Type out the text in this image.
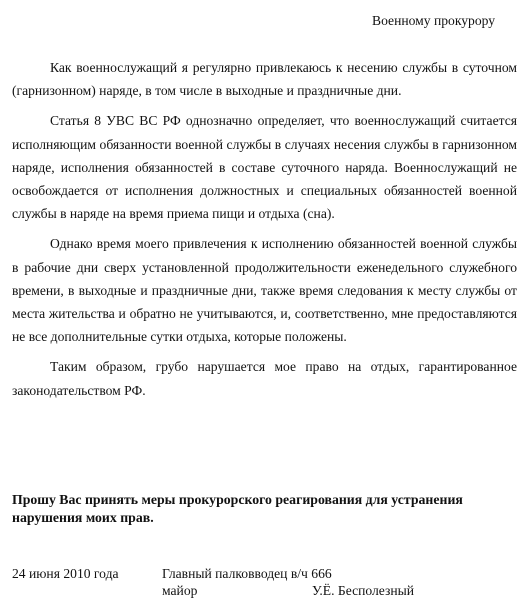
Военному прокурору

Как военнослужащий я регулярно привлекаюсь к несению службы в суточном (гарнизонном) наряде, в том числе в выходные и праздничные дни.

Статья 8 УВС ВС РФ однозначно определяет, что военнослужащий считается исполняющим обязанности военной службы в случаях несения службы в гарнизонном наряде, исполнения обязанностей в составе суточного наряда. Военнослужащий не освобождается от исполнения должностных и специальных обязанностей военной службы в наряде на время приема пищи и отдыха (сна).

Однако время моего привлечения к исполнению обязанностей военной службы в рабочие дни сверх установленной продолжительности еженедельного служебного времени, в выходные и праздничные дни, также время следования к месту службы от места жительства и обратно не учитываются, и, соответственно, мне предоставляются не все дополнительные сутки отдыха, которые положены.

Таким образом, грубо нарушается мое право на отдых, гарантированное законодательством РФ.

Прошу Вас принять меры прокурорского реагирования для устранения нарушения моих прав.
24 июня 2010 года	Главный палковводец в/ч 666
майор	У.Ё. Бесполезный
